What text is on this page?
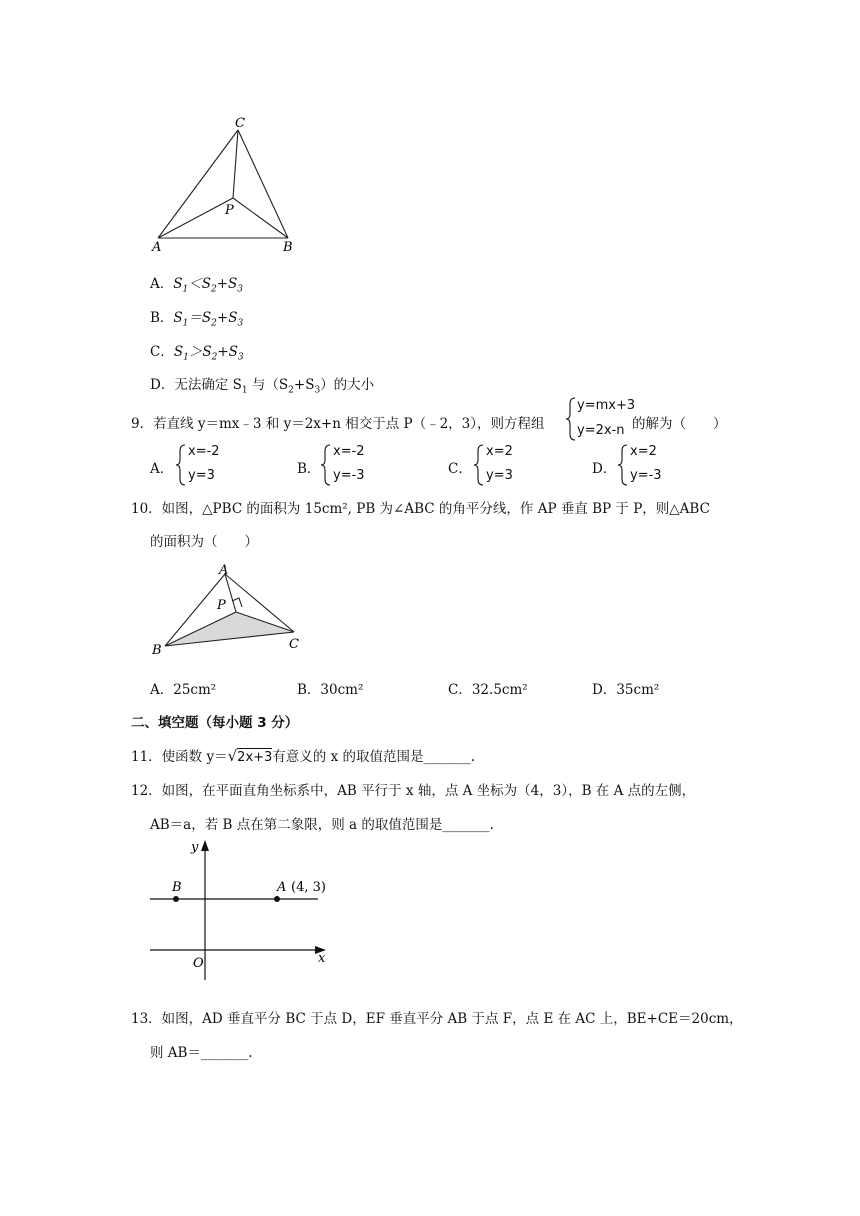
C
P
A	B
A．$S_1<S_2+S_3$
B．$S_1=S_2+S_3$
C．$S_1>S_2+S_3$
D．无法确定 $S_1$ 与$(S_2+S_3)$的大小
9．若直线 y＝mx﹣3 和 y＝2x+n 相交于点 P（﹣2，3），则方程组
y=mx+3
y=2x-n 的解为（　　）
A．
x=-2
y=3	B．
x=-2
y=-3	C．
x=2
y=3	D．
x=2
y=-3
10．如图，△PBC 的面积为 15cm², PB 为∠ABC 的角平分线，作 AP 垂直 BP 于 P，则△ABC
的面积为（　　）
A
P
B	C
A．25cm²	B．30cm²	C．32.5cm²	D．35cm²
二、填空题（每小题 3 分）
11．使函数 y＝√2x+3有意义的 x 的取值范围是_______.
12．如图，在平面直角坐标系中，AB 平行于 x 轴，点 A 坐标为（4，3），B 在 A 点的左侧，
AB＝a，若 B 点在第二象限，则 a 的取值范围是_______.
y
x
O
B	A (4, 3)
13．如图，AD 垂直平分 BC 于点 D，EF 垂直平分 AB 于点 F，点 E 在 AC 上，BE+CE＝20cm，
则 AB＝_______.
